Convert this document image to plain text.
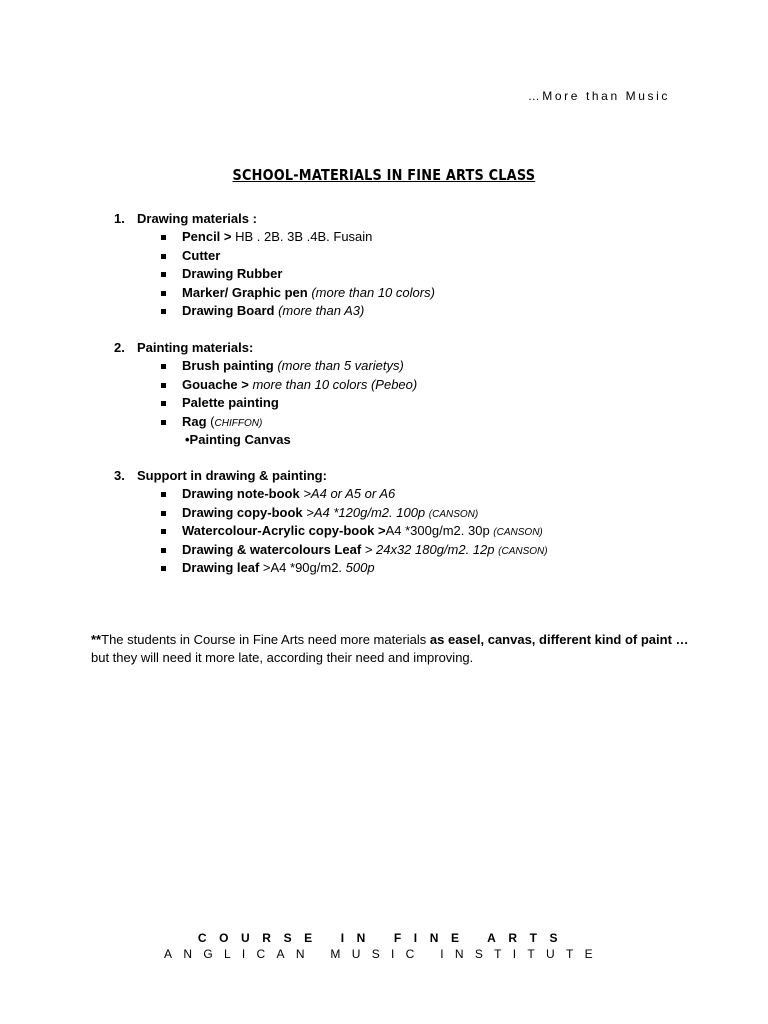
…More than Music
SCHOOL-MATERIALS IN FINE ARTS CLASS
1. Drawing materials :
Pencil > HB . 2B. 3B .4B. Fusain
Cutter
Drawing Rubber
Marker/ Graphic pen (more than 10 colors)
Drawing Board (more than A3)
2. Painting materials:
Brush painting (more than 5 varietys)
Gouache > more than 10 colors (Pebeo)
Palette painting
Rag (CHIFFON)
•Painting Canvas
3. Support in drawing & painting:
Drawing note-book >A4 or A5 or A6
Drawing copy-book >A4 *120g/m2. 100p (CANSON)
Watercolour-Acrylic copy-book >A4 *300g/m2. 30p (CANSON)
Drawing & watercolours Leaf > 24x32 180g/m2. 12p (CANSON)
Drawing leaf >A4 *90g/m2. 500p
**The students in Course in Fine Arts need more materials as easel, canvas, different kind of paint …
but they will need it more late, according their need and improving.
COURSE IN FINE ARTS
ANGLICAN MUSIC INSTITUTE
